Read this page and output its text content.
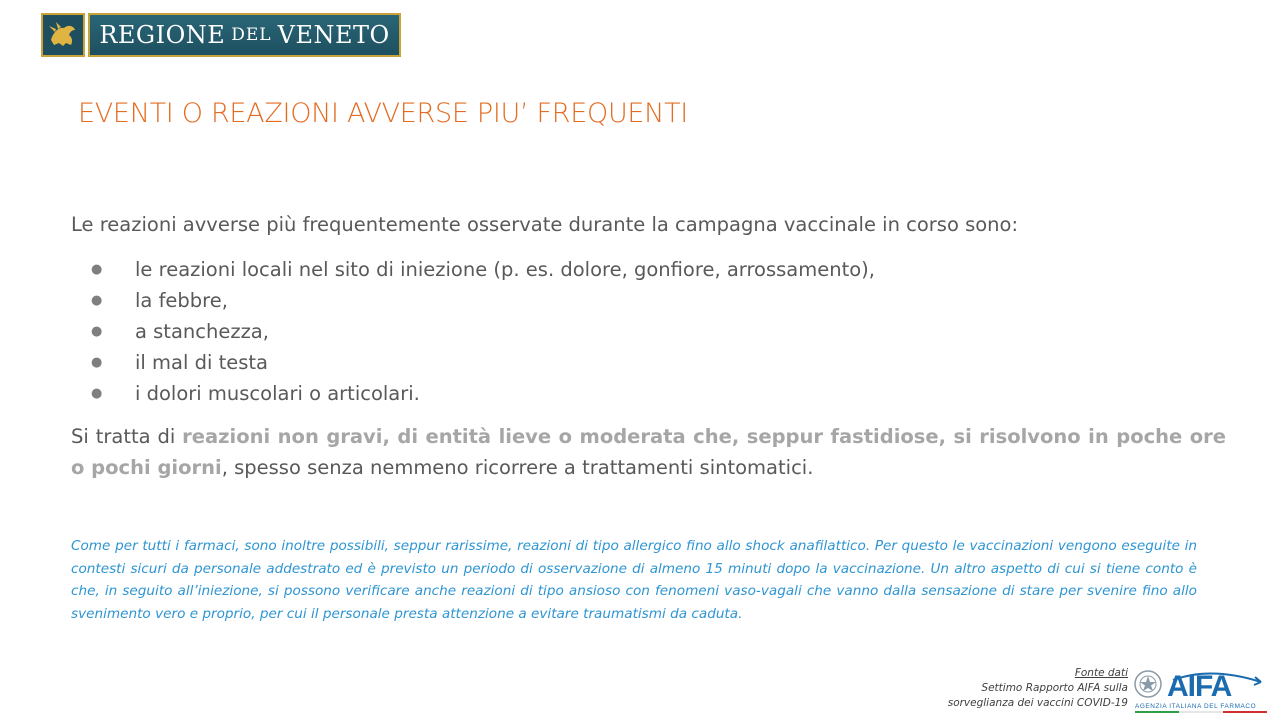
REGIONE DEL VENETO
EVENTI O REAZIONI AVVERSE PIU’ FREQUENTI
Le reazioni avverse più frequentemente osservate durante la campagna vaccinale in corso sono:
●	le reazioni locali nel sito di iniezione (p. es. dolore, gonfiore, arrossamento),
●	la febbre,
●	a stanchezza,
●	il mal di testa
●	i dolori muscolari o articolari.

Si tratta di reazioni non gravi, di entità lieve o moderata che, seppur fastidiose, si risolvono in poche ore o pochi giorni, spesso senza nemmeno ricorrere a trattamenti sintomatici.

Come per tutti i farmaci, sono inoltre possibili, seppur rarissime, reazioni di tipo allergico fino allo shock anafilattico. Per questo le vaccinazioni vengono eseguite in contesti sicuri da personale addestrato ed è previsto un periodo di osservazione di almeno 15 minuti dopo la vaccinazione. Un altro aspetto di cui si tiene conto è che, in seguito all’iniezione, si possono verificare anche reazioni di tipo ansioso con fenomeni vaso-vagali che vanno dalla sensazione di stare per svenire fino allo svenimento vero e proprio, per cui il personale presta attenzione a evitare traumatismi da caduta.

Fonte dati
Settimo Rapporto AIFA sulla
sorveglianza dei vaccini COVID-19 AIFA
AGENZIA ITALIANA DEL FARMACO
